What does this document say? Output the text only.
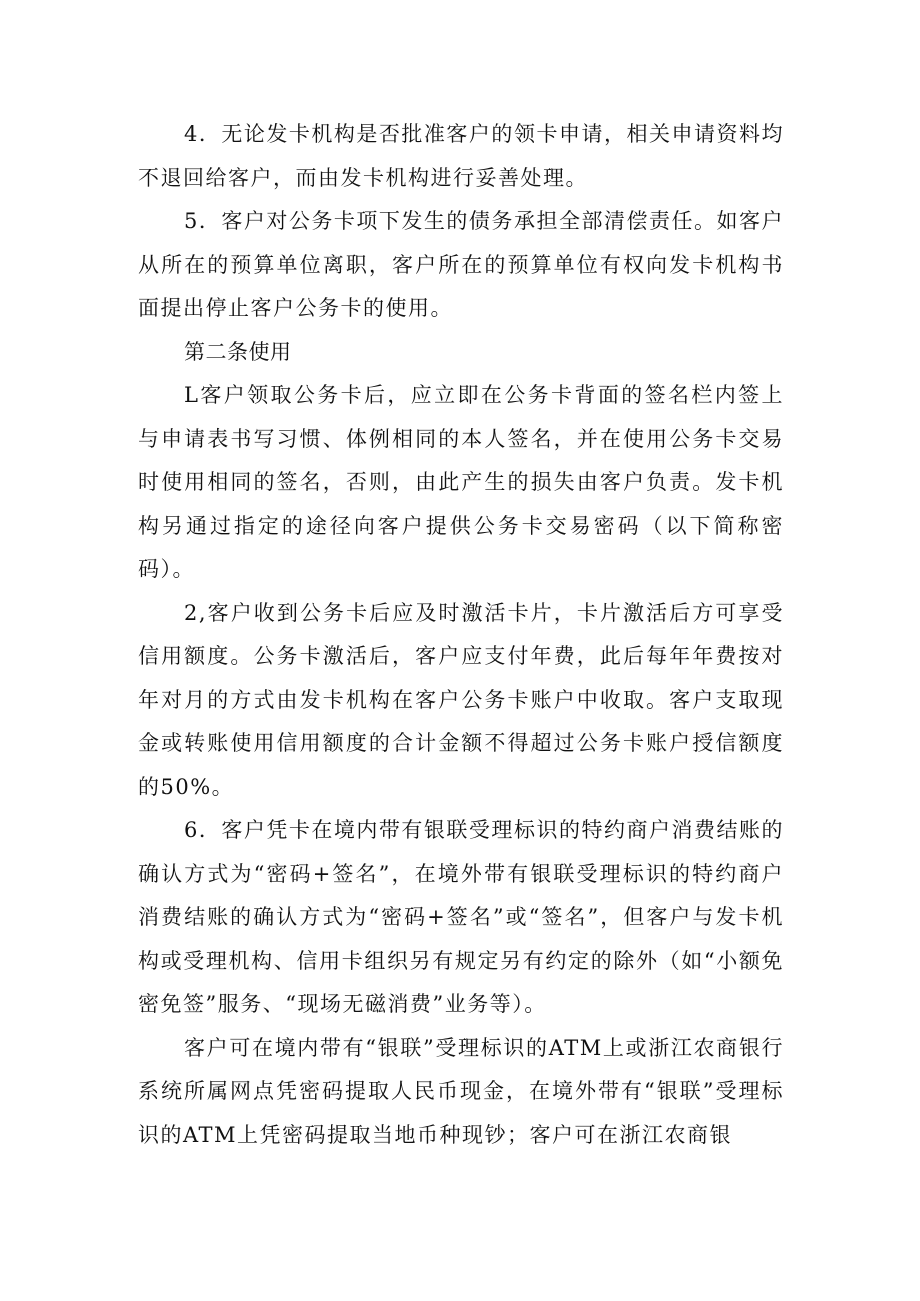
4．无论发卡机构是否批准客户的领卡申请，相关申请资料均不退回给客户，而由发卡机构进行妥善处理。

5．客户对公务卡项下发生的债务承担全部清偿责任。如客户从所在的预算单位离职，客户所在的预算单位有权向发卡机构书面提出停止客户公务卡的使用。

第二条使用

L客户领取公务卡后，应立即在公务卡背面的签名栏内签上与申请表书写习惯、体例相同的本人签名，并在使用公务卡交易时使用相同的签名，否则，由此产生的损失由客户负责。发卡机构另通过指定的途径向客户提供公务卡交易密码（以下简称密码）。

2,客户收到公务卡后应及时激活卡片，卡片激活后方可享受信用额度。公务卡激活后，客户应支付年费，此后每年年费按对年对月的方式由发卡机构在客户公务卡账户中收取。客户支取现金或转账使用信用额度的合计金额不得超过公务卡账户授信额度的50%。

6．客户凭卡在境内带有银联受理标识的特约商户消费结账的确认方式为“密码+签名”，在境外带有银联受理标识的特约商户消费结账的确认方式为“密码+签名”或“签名”，但客户与发卡机构或受理机构、信用卡组织另有规定另有约定的除外（如“小额免密免签”服务、“现场无磁消费”业务等）。

客户可在境内带有“银联”受理标识的ATM上或浙江农商银行系统所属网点凭密码提取人民币现金，在境外带有“银联”受理标识的ATM上凭密码提取当地币种现钞；客户可在浙江农商银
